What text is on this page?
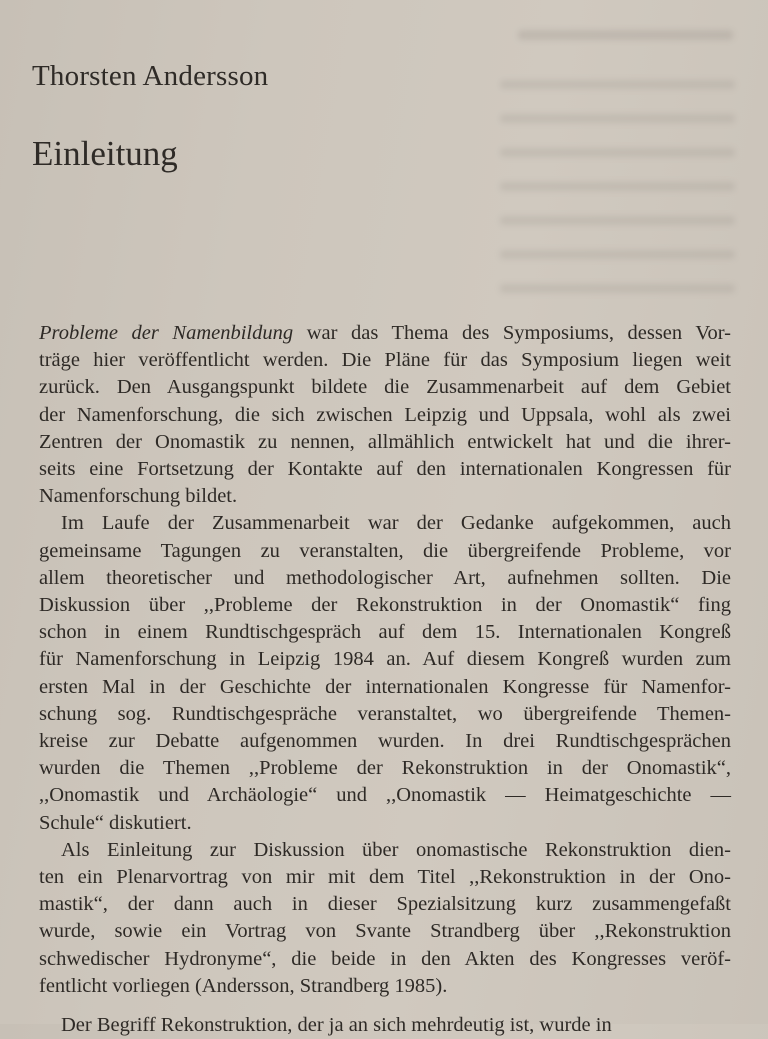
Thorsten Andersson
Einleitung

Probleme der Namenbildung war das Thema des Symposiums, dessen Vor-
träge hier veröffentlicht werden. Die Pläne für das Symposium liegen weit
zurück. Den Ausgangspunkt bildete die Zusammenarbeit auf dem Gebiet
der Namenforschung, die sich zwischen Leipzig und Uppsala, wohl als zwei
Zentren der Onomastik zu nennen, allmählich entwickelt hat und die ihrer-
seits eine Fortsetzung der Kontakte auf den internationalen Kongressen für
Namenforschung bildet.

Im Laufe der Zusammenarbeit war der Gedanke aufgekommen, auch
gemeinsame Tagungen zu veranstalten, die übergreifende Probleme, vor
allem theoretischer und methodologischer Art, aufnehmen sollten. Die
Diskussion über ,,Probleme der Rekonstruktion in der Onomastik“ fing
schon in einem Rundtischgespräch auf dem 15. Internationalen Kongreß
für Namenforschung in Leipzig 1984 an. Auf diesem Kongreß wurden zum
ersten Mal in der Geschichte der internationalen Kongresse für Namenfor-
schung sog. Rundtischgespräche veranstaltet, wo übergreifende Themen-
kreise zur Debatte aufgenommen wurden. In drei Rundtischgesprächen
wurden die Themen ,,Probleme der Rekonstruktion in der Onomastik“,
,,Onomastik und Archäologie“ und ,,Onomastik — Heimatgeschichte —
Schule“ diskutiert.

Als Einleitung zur Diskussion über onomastische Rekonstruktion dien-
ten ein Plenarvortrag von mir mit dem Titel ,,Rekonstruktion in der Ono-
mastik“, der dann auch in dieser Spezialsitzung kurz zusammengefaßt
wurde, sowie ein Vortrag von Svante Strandberg über ,,Rekonstruktion
schwedischer Hydronyme“, die beide in den Akten des Kongresses veröf-
fentlicht vorliegen (Andersson, Strandberg 1985).

Der Begriff Rekonstruktion, der ja an sich mehrdeutig ist, wurde in
